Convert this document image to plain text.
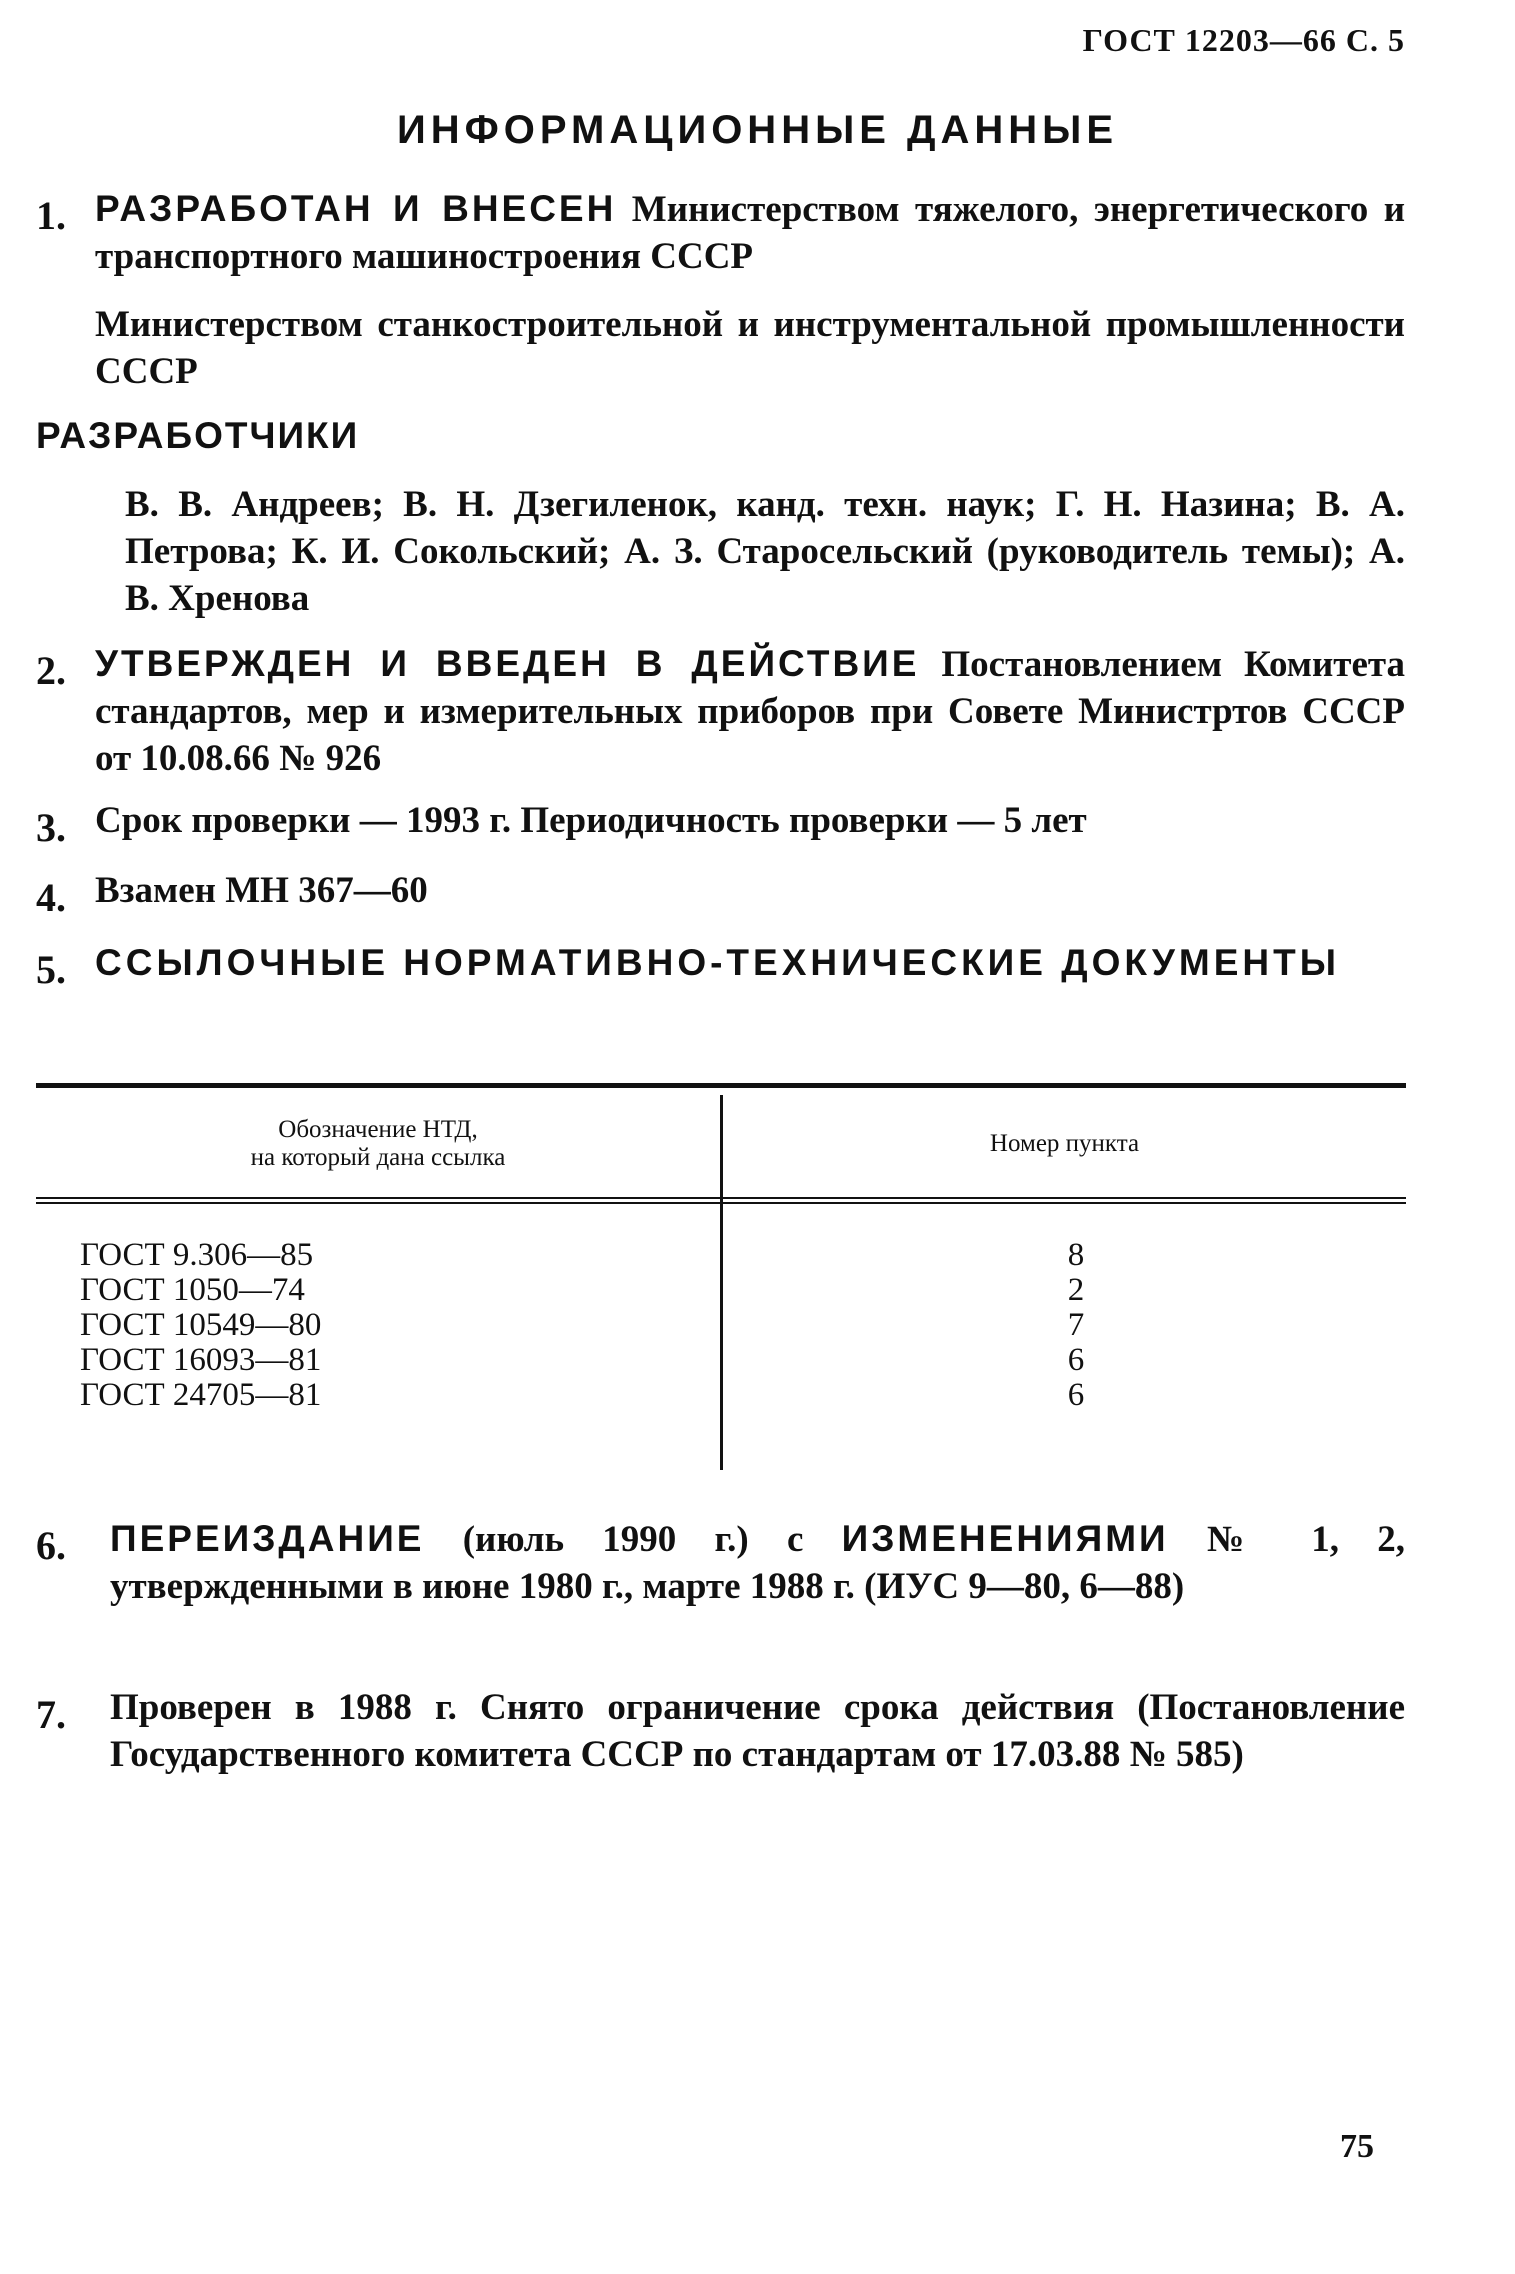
ГОСТ 12203—66 С. 5
ИНФОРМАЦИОННЫЕ ДАННЫЕ
1. РАЗРАБОТАН И ВНЕСЕН Министерством тяжелого, энергетического и транспортного машиностроения СССР
Министерством станкостроительной и инструментальной промышленности СССР
РАЗРАБОТЧИКИ
В. В. Андреев; В. Н. Дзегиленок, канд. техн. наук; Г. Н. Назина; В. А. Петрова; К. И. Сокольский; А. З. Старосельский (руководитель темы); А. В. Хренова
2. УТВЕРЖДЕН И ВВЕДЕН В ДЕЙСТВИЕ Постановлением Комитета стандартов, мер и измерительных приборов при Совете Министртов СССР от 10.08.66 № 926
3. Срок проверки — 1993 г. Периодичность проверки — 5 лет
4. Взамен МН 367—60
5. ССЫЛОЧНЫЕ НОРМАТИВНО-ТЕХНИЧЕСКИЕ ДОКУМЕНТЫ
Обозначение НТД,
на который дана ссылка
Номер пункта
ГОСТ 9.306—85
ГОСТ 1050—74
ГОСТ 10549—80
ГОСТ 16093—81
ГОСТ 24705—81
8
2
7
6
6
6.	ПЕРЕИЗДАНИЕ (июль 1990 г.) с ИЗМЕНЕНИЯМИ № 1, 2, утвержденными в июне 1980 г., марте 1988 г. (ИУС 9—80, 6—88)
7.	Проверен в 1988 г. Снято ограничение срока действия (Постановление Государственного комитета СССР по стандартам от 17.03.88 № 585)
75
